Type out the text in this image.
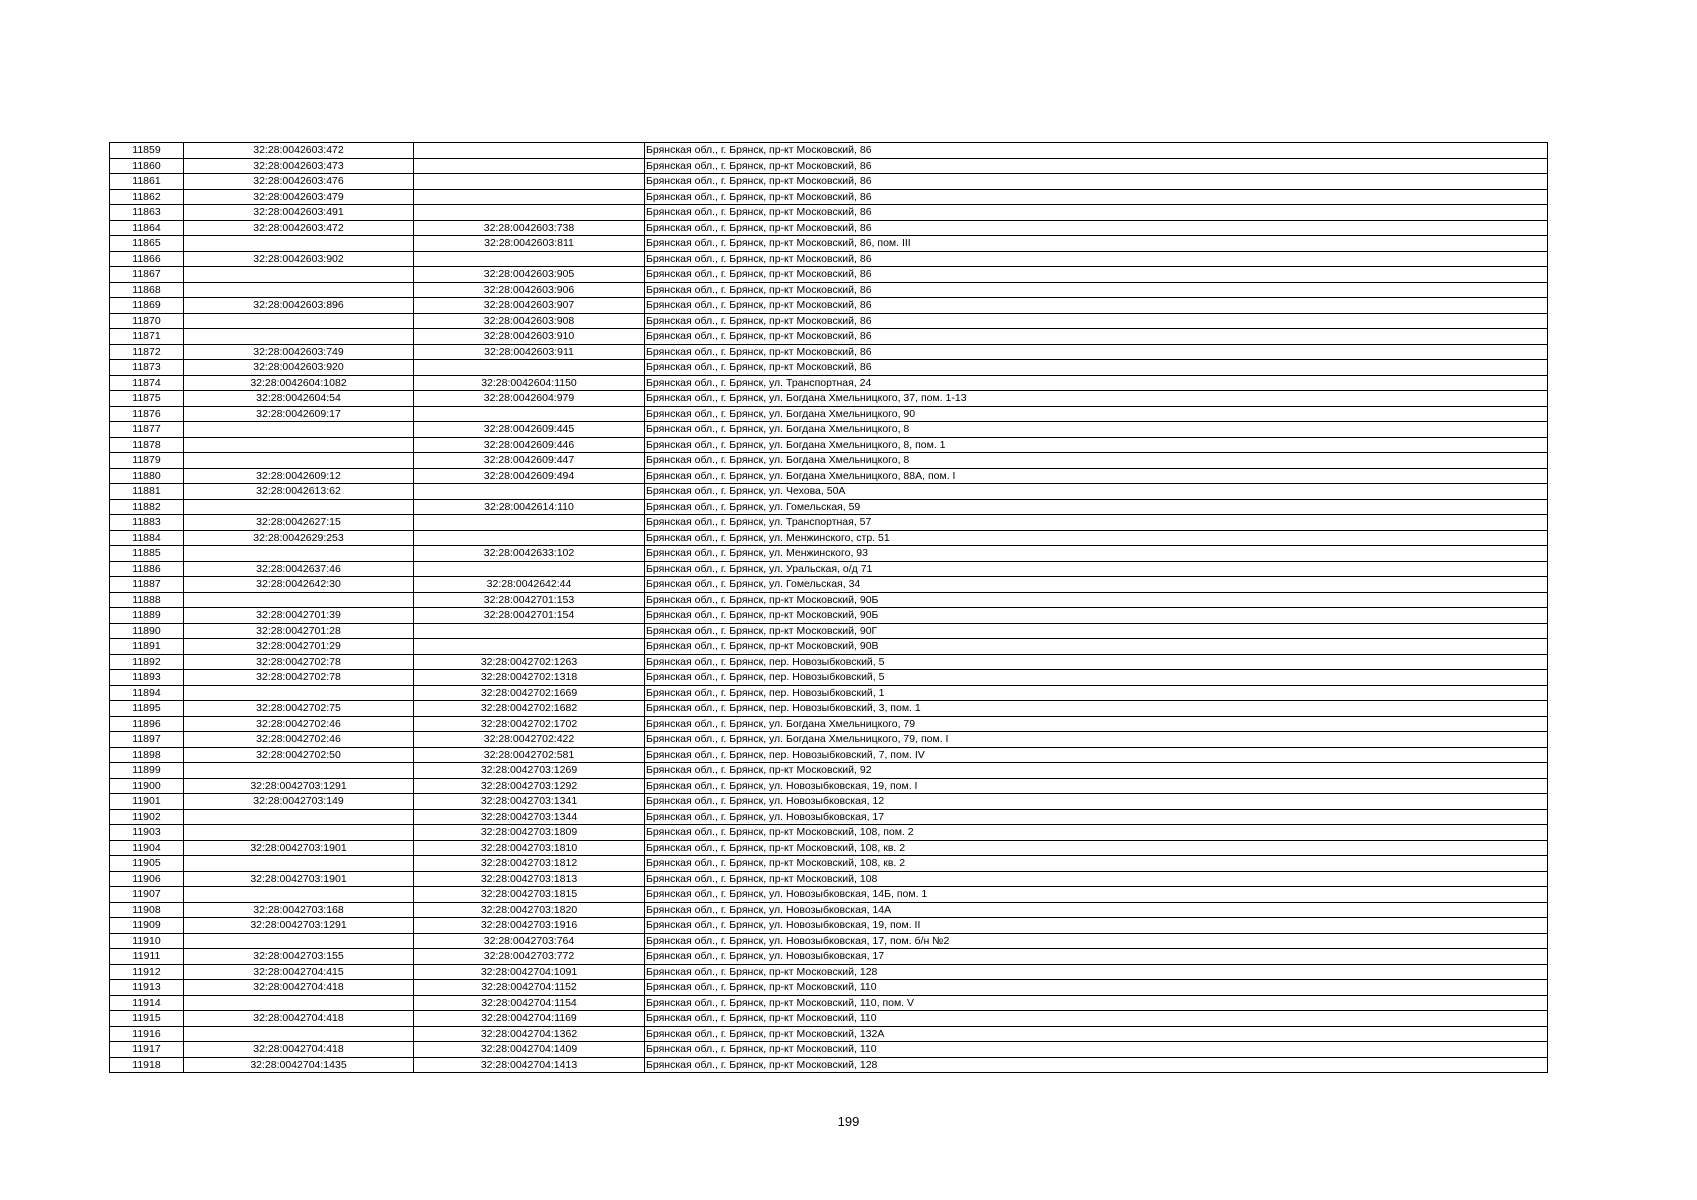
11859	32:28:0042603:472		Брянская обл., г. Брянск, пр-кт Московский, 86
11860	32:28:0042603:473		Брянская обл., г. Брянск, пр-кт Московский, 86
11861	32:28:0042603:476		Брянская обл., г. Брянск, пр-кт Московский, 86
11862	32:28:0042603:479		Брянская обл., г. Брянск, пр-кт Московский, 86
11863	32:28:0042603:491		Брянская обл., г. Брянск, пр-кт Московский, 86
11864	32:28:0042603:472	32:28:0042603:738	Брянская обл., г. Брянск, пр-кт Московский, 86
11865		32:28:0042603:811	Брянская обл., г. Брянск, пр-кт Московский, 86, пом. III
11866	32:28:0042603:902		Брянская обл., г. Брянск, пр-кт Московский, 86
11867		32:28:0042603:905	Брянская обл., г. Брянск, пр-кт Московский, 86
11868		32:28:0042603:906	Брянская обл., г. Брянск, пр-кт Московский, 86
11869	32:28:0042603:896	32:28:0042603:907	Брянская обл., г. Брянск, пр-кт Московский, 86
11870		32:28:0042603:908	Брянская обл., г. Брянск, пр-кт Московский, 86
11871		32:28:0042603:910	Брянская обл., г. Брянск, пр-кт Московский, 86
11872	32:28:0042603:749	32:28:0042603:911	Брянская обл., г. Брянск, пр-кт Московский, 86
11873	32:28:0042603:920		Брянская обл., г. Брянск, пр-кт Московский, 86
11874	32:28:0042604:1082	32:28:0042604:1150	Брянская обл., г. Брянск, ул. Транспортная, 24
11875	32:28:0042604:54	32:28:0042604:979	Брянская обл., г. Брянск, ул. Богдана Хмельницкого, 37, пом. 1-13
11876	32:28:0042609:17		Брянская обл., г. Брянск, ул. Богдана Хмельницкого, 90
11877		32:28:0042609:445	Брянская обл., г. Брянск, ул. Богдана Хмельницкого, 8
11878		32:28:0042609:446	Брянская обл., г. Брянск, ул. Богдана Хмельницкого, 8, пом. 1
11879		32:28:0042609:447	Брянская обл., г. Брянск, ул. Богдана Хмельницкого, 8
11880	32:28:0042609:12	32:28:0042609:494	Брянская обл., г. Брянск, ул. Богдана Хмельницкого, 88А, пом. I
11881	32:28:0042613:62		Брянская обл., г. Брянск, ул. Чехова, 50А
11882		32:28:0042614:110	Брянская обл., г. Брянск, ул. Гомельская, 59
11883	32:28:0042627:15		Брянская обл., г. Брянск, ул. Транспортная, 57
11884	32:28:0042629:253		Брянская обл., г. Брянск, ул. Менжинского, стр. 51
11885		32:28:0042633:102	Брянская обл., г. Брянск, ул. Менжинского, 93
11886	32:28:0042637:46		Брянская обл., г. Брянск, ул. Уральская, о/д 71
11887	32:28:0042642:30	32:28:0042642:44	Брянская обл., г. Брянск, ул. Гомельская, 34
11888		32:28:0042701:153	Брянская обл., г. Брянск, пр-кт Московский, 90Б
11889	32:28:0042701:39	32:28:0042701:154	Брянская обл., г. Брянск, пр-кт Московский, 90Б
11890	32:28:0042701:28		Брянская обл., г. Брянск, пр-кт Московский, 90Г
11891	32:28:0042701:29		Брянская обл., г. Брянск, пр-кт Московский, 90В
11892	32:28:0042702:78	32:28:0042702:1263	Брянская обл., г. Брянск, пер. Новозыбковский, 5
11893	32:28:0042702:78	32:28:0042702:1318	Брянская обл., г. Брянск, пер. Новозыбковский, 5
11894		32:28:0042702:1669	Брянская обл., г. Брянск, пер. Новозыбковский, 1
11895	32:28:0042702:75	32:28:0042702:1682	Брянская обл., г. Брянск, пер. Новозыбковский, 3, пом. 1
11896	32:28:0042702:46	32:28:0042702:1702	Брянская обл., г. Брянск, ул. Богдана Хмельницкого, 79
11897	32:28:0042702:46	32:28:0042702:422	Брянская обл., г. Брянск, ул. Богдана Хмельницкого, 79, пом. I
11898	32:28:0042702:50	32:28:0042702:581	Брянская обл., г. Брянск, пер. Новозыбковский, 7, пом. IV
11899		32:28:0042703:1269	Брянская обл., г. Брянск, пр-кт Московский, 92
11900	32:28:0042703:1291	32:28:0042703:1292	Брянская обл., г. Брянск, ул. Новозыбковская, 19, пом. I
11901	32:28:0042703:149	32:28:0042703:1341	Брянская обл., г. Брянск, ул. Новозыбковская, 12
11902		32:28:0042703:1344	Брянская обл., г. Брянск, ул. Новозыбковская, 17
11903		32:28:0042703:1809	Брянская обл., г. Брянск, пр-кт Московский, 108, пом. 2
11904	32:28:0042703:1901	32:28:0042703:1810	Брянская обл., г. Брянск, пр-кт Московский, 108, кв. 2
11905		32:28:0042703:1812	Брянская обл., г. Брянск, пр-кт Московский, 108, кв. 2
11906	32:28:0042703:1901	32:28:0042703:1813	Брянская обл., г. Брянск, пр-кт Московский, 108
11907		32:28:0042703:1815	Брянская обл., г. Брянск, ул. Новозыбковская, 14Б, пом. 1
11908	32:28:0042703:168	32:28:0042703:1820	Брянская обл., г. Брянск, ул. Новозыбковская, 14А
11909	32:28:0042703:1291	32:28:0042703:1916	Брянская обл., г. Брянск, ул. Новозыбковская, 19, пом. II
11910		32:28:0042703:764	Брянская обл., г. Брянск, ул. Новозыбковская, 17, пом. б/н №2
11911	32:28:0042703:155	32:28:0042703:772	Брянская обл., г. Брянск, ул. Новозыбковская, 17
11912	32:28:0042704:415	32:28:0042704:1091	Брянская обл., г. Брянск, пр-кт Московский, 128
11913	32:28:0042704:418	32:28:0042704:1152	Брянская обл., г. Брянск, пр-кт Московский, 110
11914		32:28:0042704:1154	Брянская обл., г. Брянск, пр-кт Московский, 110, пом. V
11915	32:28:0042704:418	32:28:0042704:1169	Брянская обл., г. Брянск, пр-кт Московский, 110
11916		32:28:0042704:1362	Брянская обл., г. Брянск, пр-кт Московский, 132А
11917	32:28:0042704:418	32:28:0042704:1409	Брянская обл., г. Брянск, пр-кт Московский, 110
11918	32:28:0042704:1435	32:28:0042704:1413	Брянская обл., г. Брянск, пр-кт Московский, 128
199
